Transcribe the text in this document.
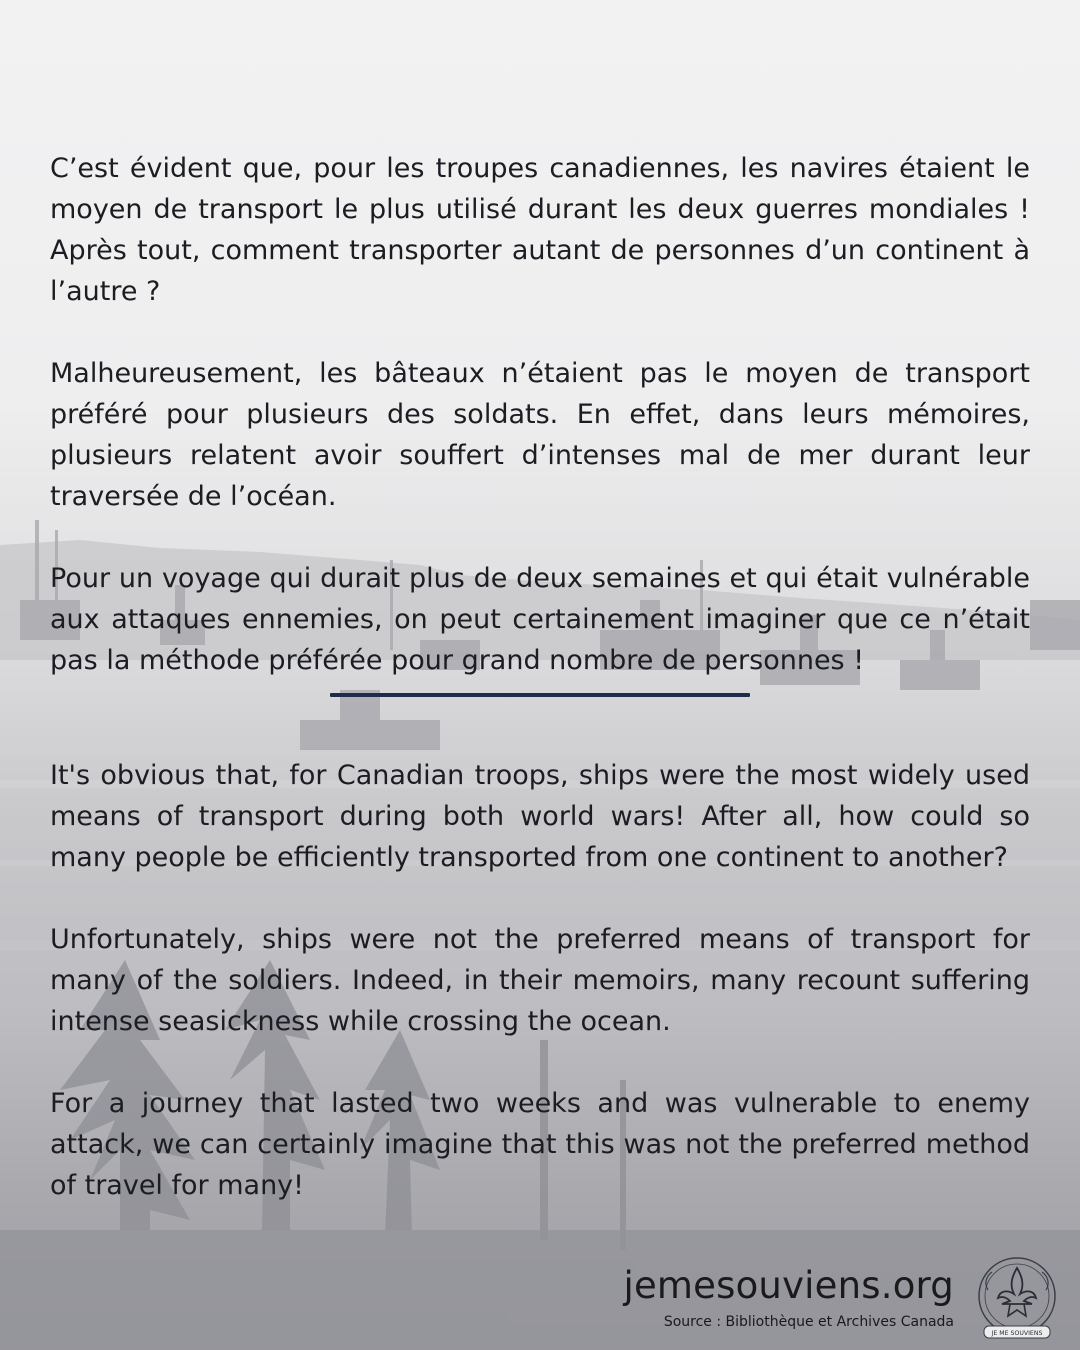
C’est évident que, pour les troupes canadiennes, les navires étaient le moyen de transport le plus utilisé durant les deux guerres mondiales ! Après tout, comment transporter autant de personnes d’un continent à l’autre ?

Malheureusement, les bâteaux n’étaient pas le moyen de transport préféré pour plusieurs des soldats. En effet, dans leurs mémoires, plusieurs relatent avoir souffert d’intenses mal de mer durant leur traversée de l’océan.

Pour un voyage qui durait plus de deux semaines et qui était vulnérable aux attaques ennemies, on peut certainement imaginer que ce n’était pas la méthode préférée pour grand nombre de personnes !

It's obvious that, for Canadian troops, ships were the most widely used means of transport during both world wars! After all, how could so many people be efficiently transported from one continent to another?

Unfortunately, ships were not the preferred means of transport for many of the soldiers. Indeed, in their memoirs, many recount suffering intense seasickness while crossing the ocean.

For a journey that lasted two weeks and was vulnerable to enemy attack, we can certainly imagine that this was not the preferred method of travel for many!

jemesouviens.org
Source : Bibliothèque et Archives Canada
JE ME SOUVIENS
